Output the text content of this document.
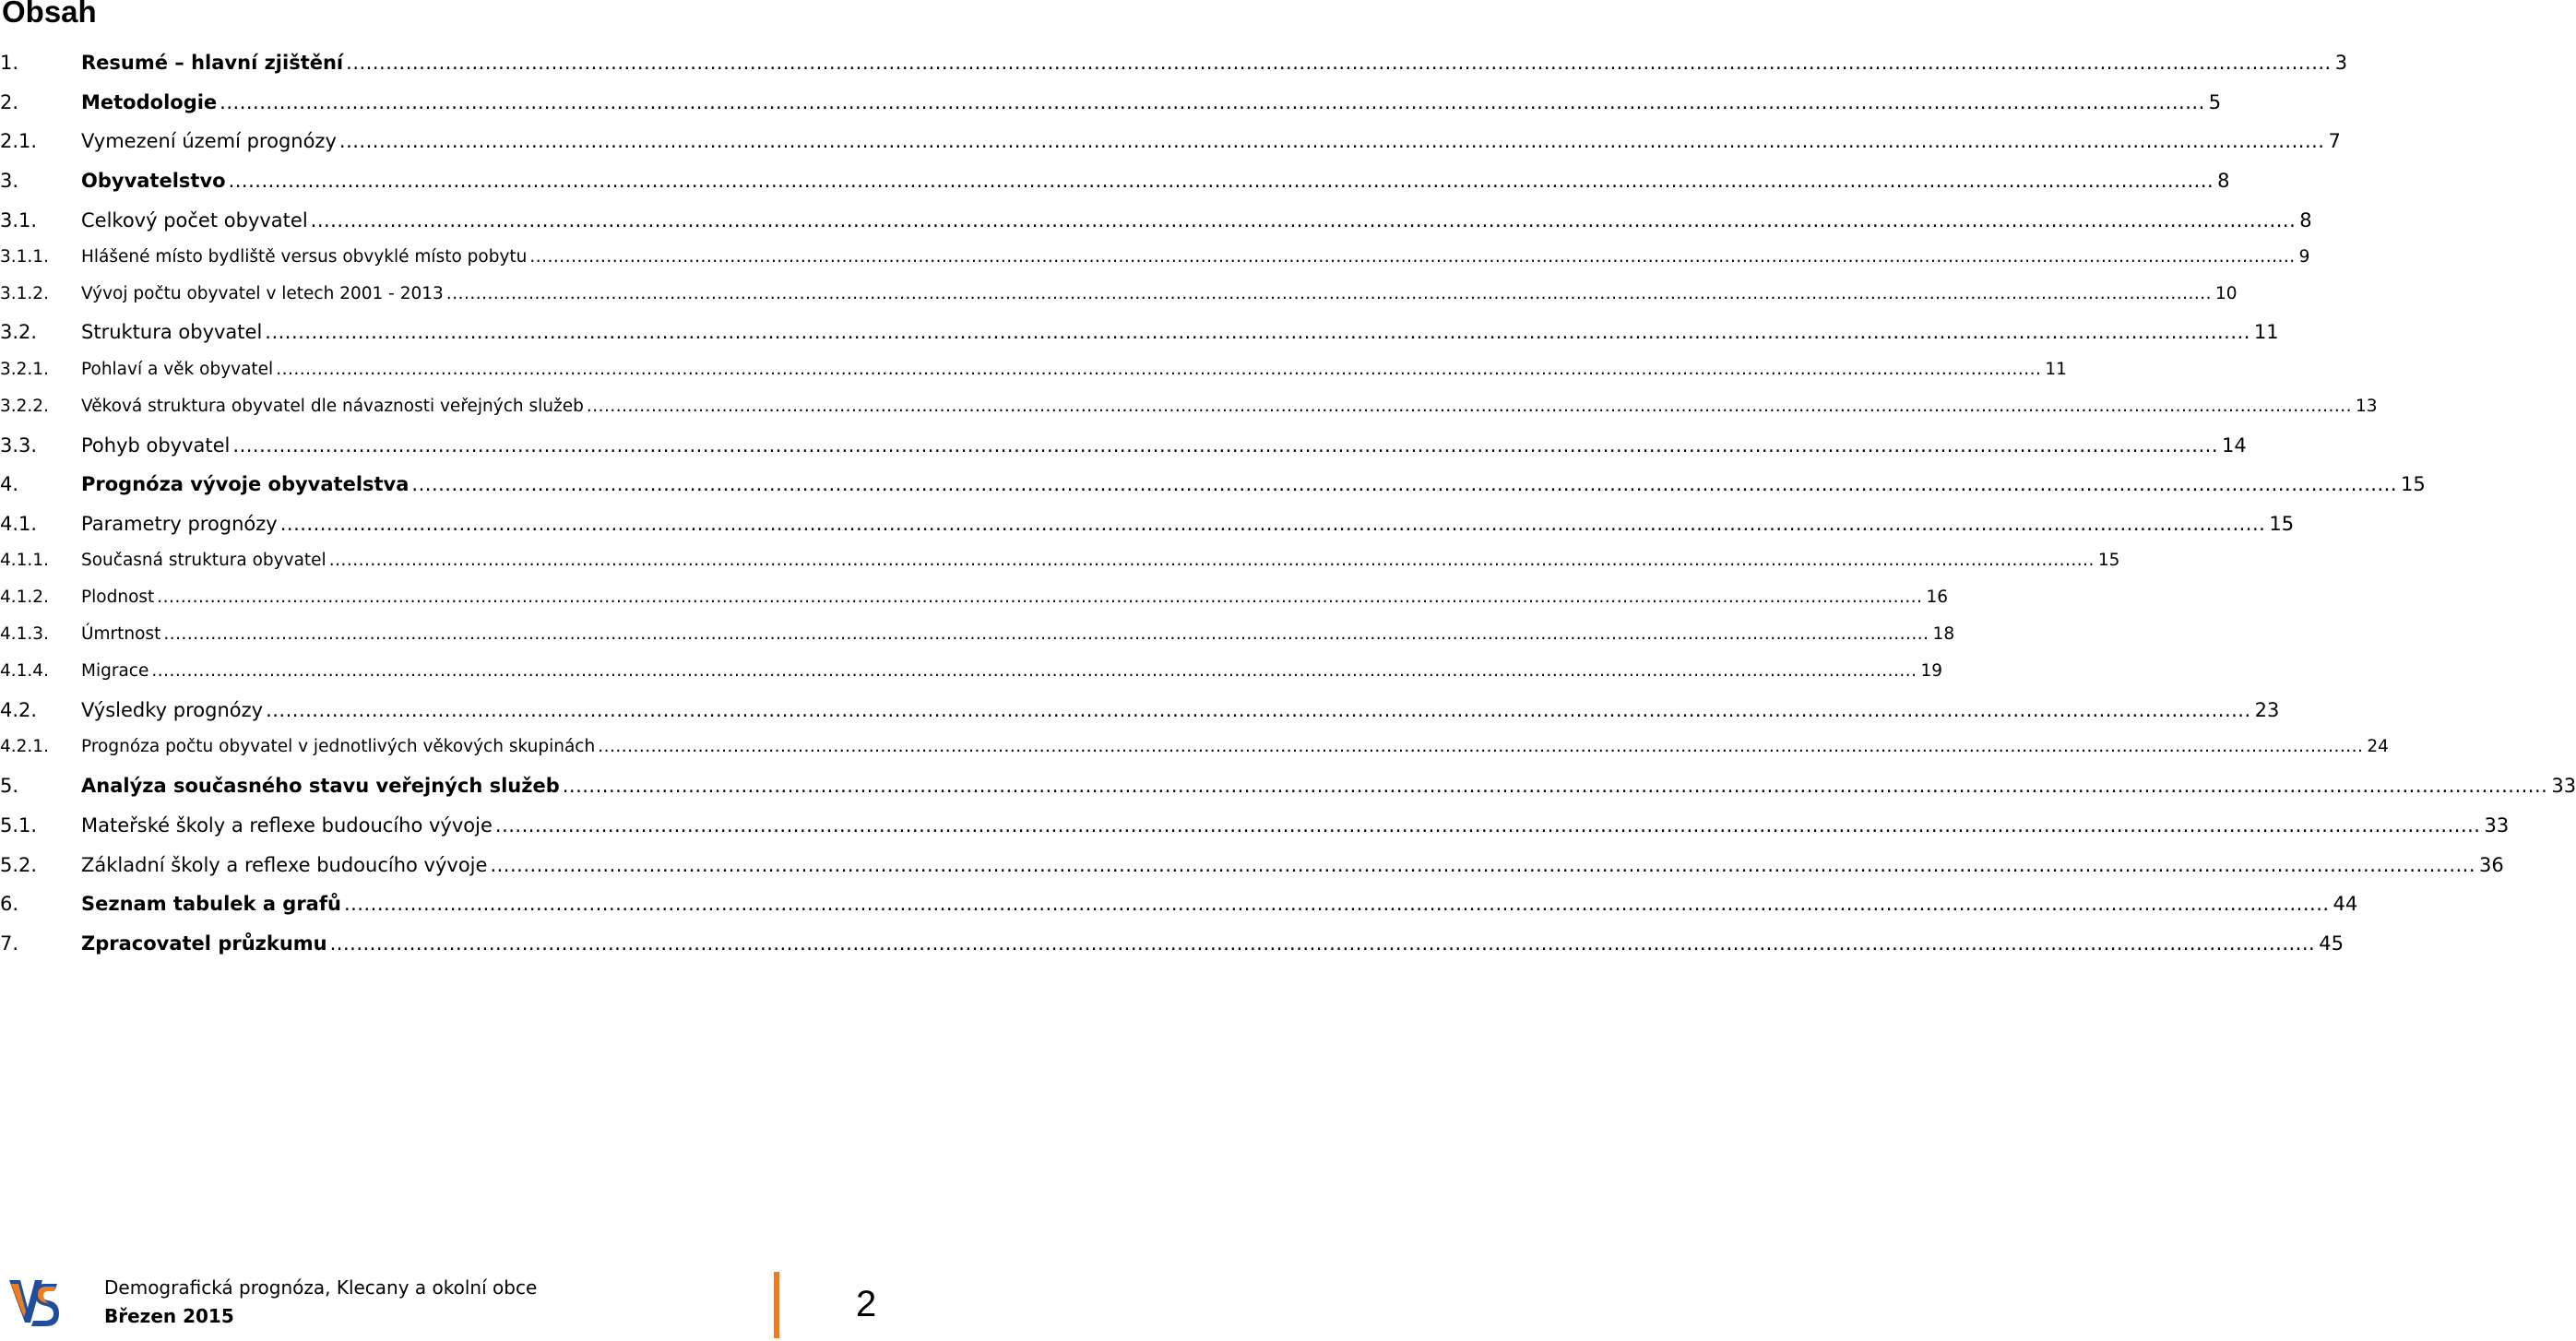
Obsah
1.	Resumé – hlavní zjištění ............................................................................................................................................................................................................................................................................................................ 3
2.	Metodologie ............................................................................................................................................................................................................................................................................................................ 5
2.1. Vymezení území prognózy ............................................................................................................................................................................................................................................................................................................ 7
3.	Obyvatelstvo ............................................................................................................................................................................................................................................................................................................ 8
3.1. Celkový počet obyvatel ............................................................................................................................................................................................................................................................................................................ 8
3.1.1. Hlášené místo bydliště versus obvyklé místo pobytu ............................................................................................................................................................................................................................................................................................................ 9
3.1.2. Vývoj počtu obyvatel v letech 2001 - 2013 ............................................................................................................................................................................................................................................................................................................ 10
3.2. Struktura obyvatel ............................................................................................................................................................................................................................................................................................................ 11
3.2.1. Pohlaví a věk obyvatel ............................................................................................................................................................................................................................................................................................................ 11
3.2.2. Věková struktura obyvatel dle návaznosti veřejných služeb ............................................................................................................................................................................................................................................................................................................ 13
3.3. Pohyb obyvatel ............................................................................................................................................................................................................................................................................................................ 14
4.	Prognóza vývoje obyvatelstva ............................................................................................................................................................................................................................................................................................................ 15
4.1. Parametry prognózy ............................................................................................................................................................................................................................................................................................................ 15
4.1.1. Současná struktura obyvatel ............................................................................................................................................................................................................................................................................................................ 15
4.1.2. Plodnost ............................................................................................................................................................................................................................................................................................................ 16
4.1.3. Úmrtnost ............................................................................................................................................................................................................................................................................................................ 18
4.1.4. Migrace ............................................................................................................................................................................................................................................................................................................ 19
4.2. Výsledky prognózy ............................................................................................................................................................................................................................................................................................................ 23
4.2.1. Prognóza počtu obyvatel v jednotlivých věkových skupinách ............................................................................................................................................................................................................................................................................................................ 24
5.	Analýza současného stavu veřejných služeb ............................................................................................................................................................................................................................................................................................................ 33
5.1. Mateřské školy a reflexe budoucího vývoje ............................................................................................................................................................................................................................................................................................................ 33
5.2. Základní školy a reflexe budoucího vývoje ............................................................................................................................................................................................................................................................................................................ 36
6.	Seznam tabulek a grafů ............................................................................................................................................................................................................................................................................................................ 44
7.	Zpracovatel průzkumu ............................................................................................................................................................................................................................................................................................................ 45
Demografická prognóza, Klecany a okolní obce
Březen 2015	2
